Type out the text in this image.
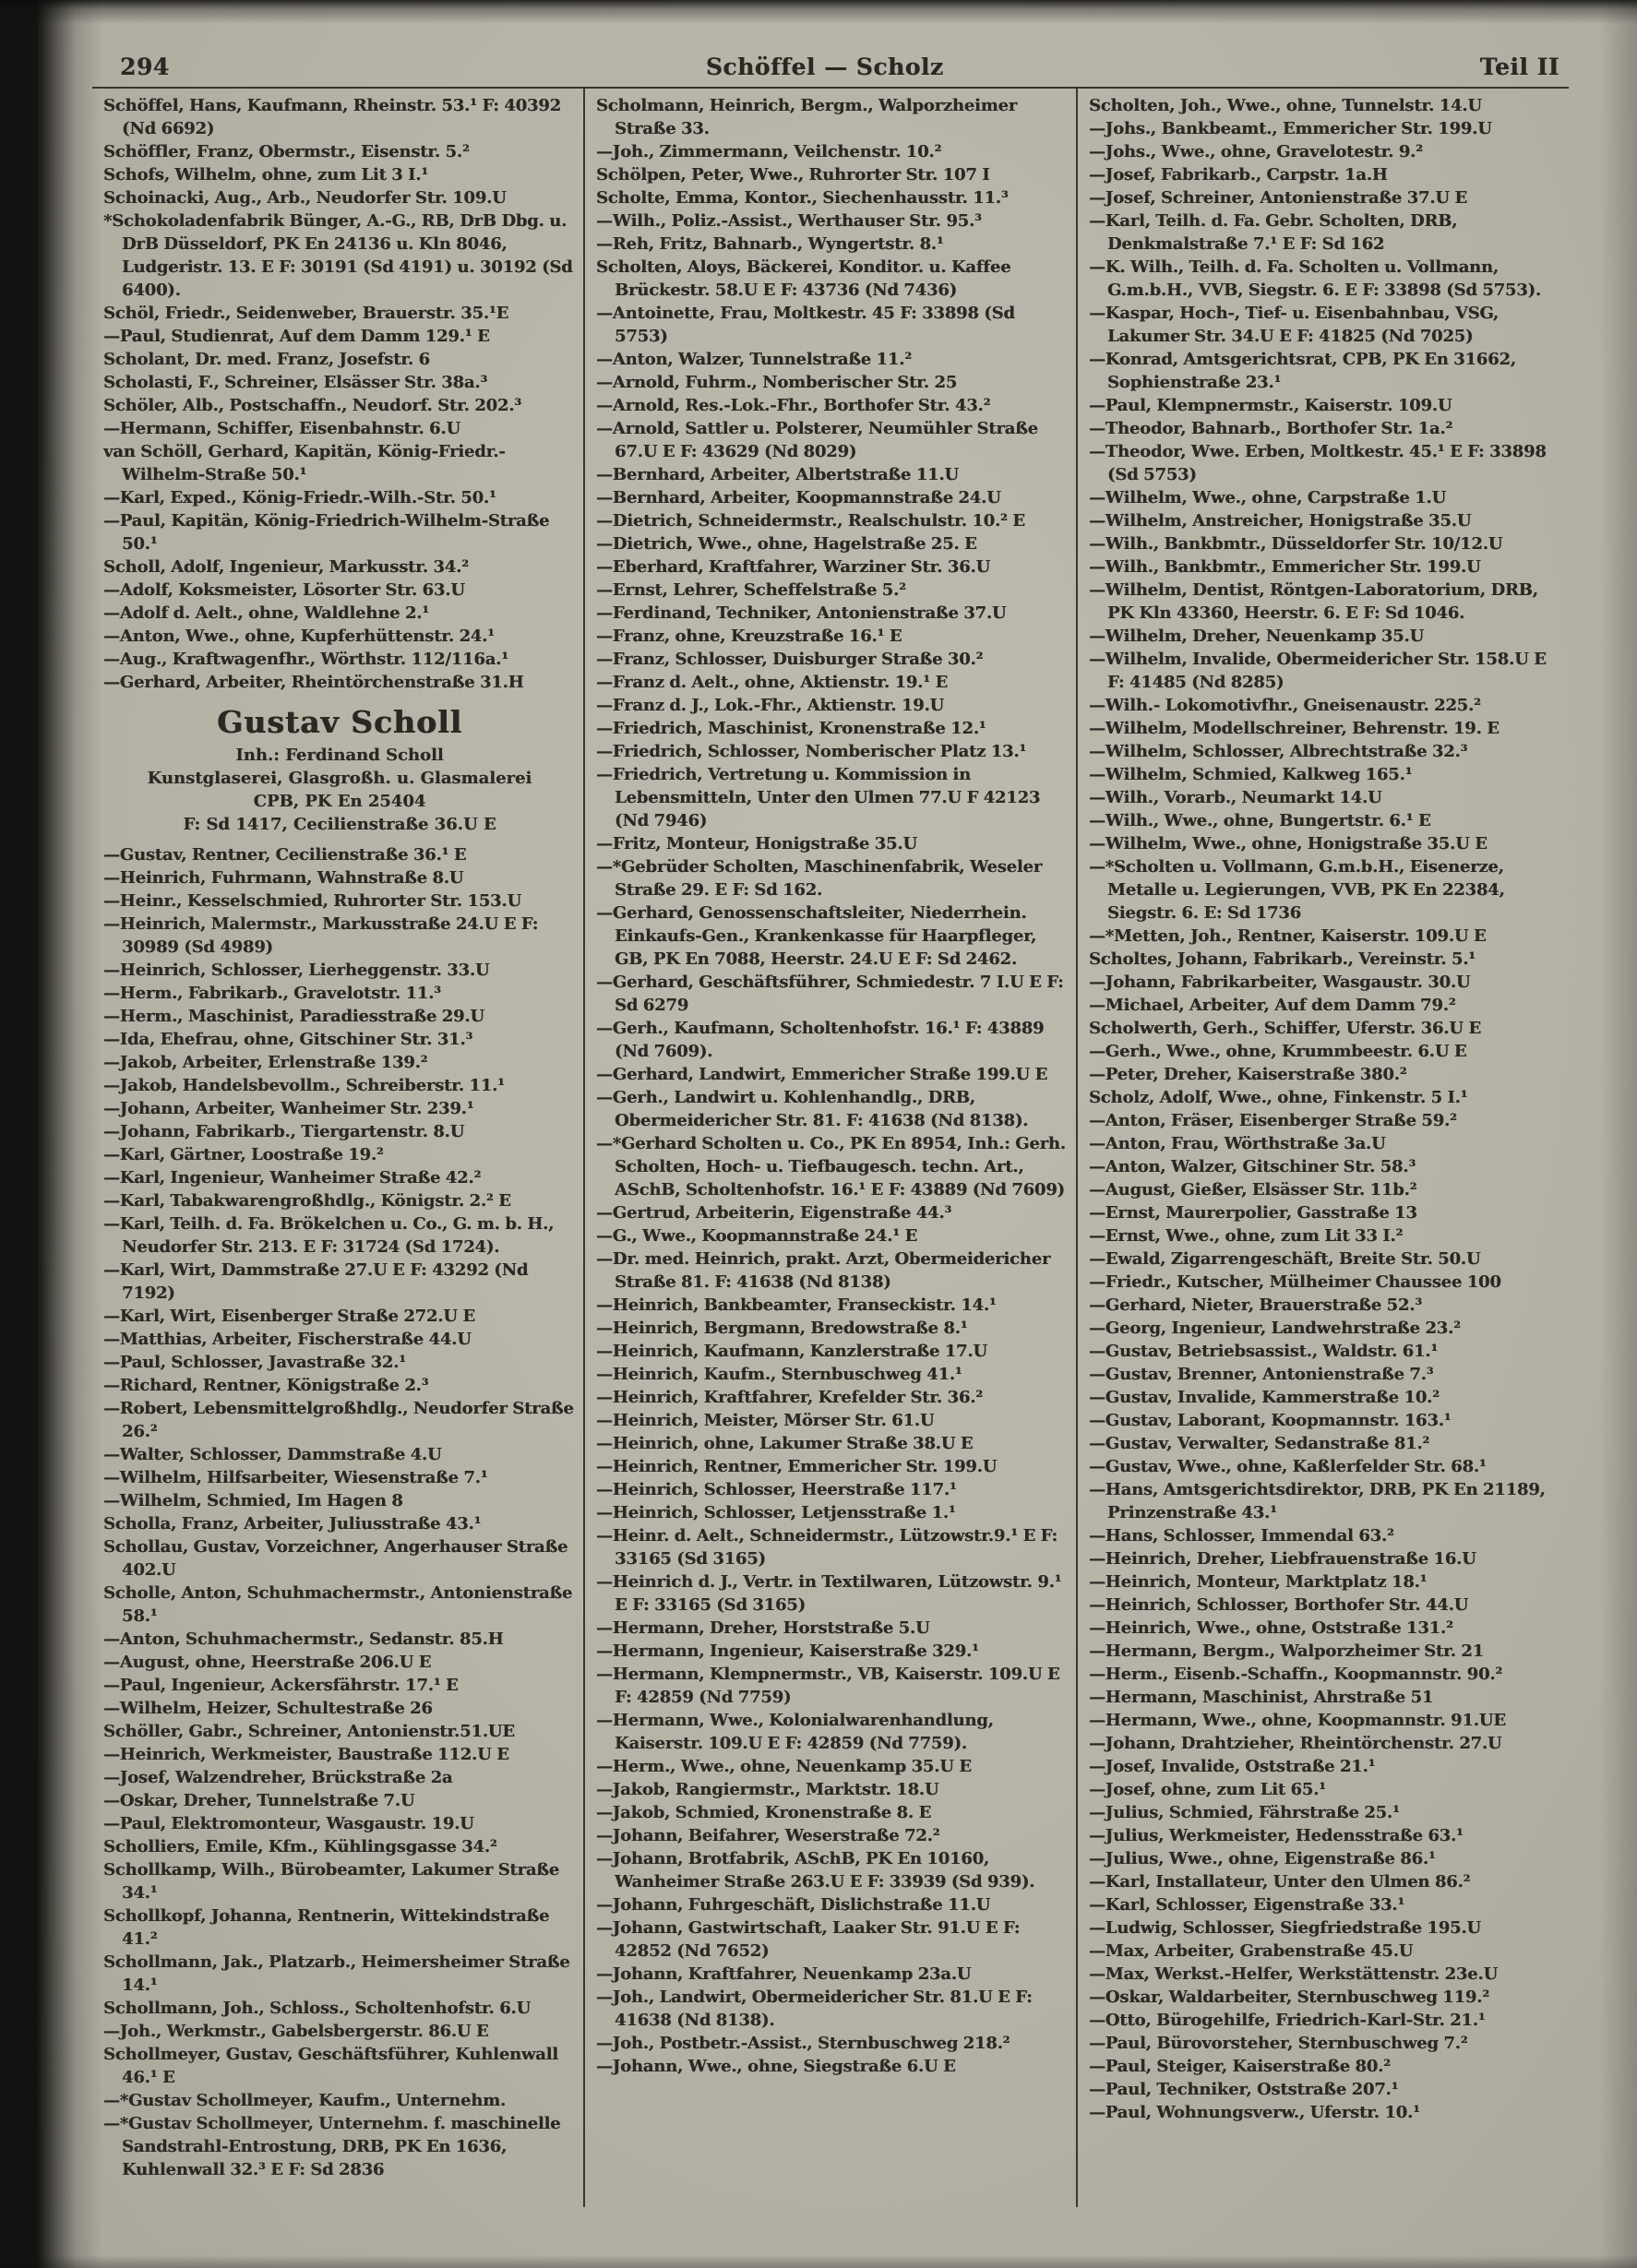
294	Schöffel — Scholz	Teil II

Schöffel, Hans, Kaufmann, Rheinstr. 53.¹ F: 40392 (Nd 6692)

Schöffler, Franz, Obermstr., Eisenstr. 5.²

Schofs, Wilhelm, ohne, zum Lit 3 I.¹

Schoinacki, Aug., Arb., Neudorfer Str. 109.U

*Schokoladenfabrik Bünger, A.-G., RB, DrB Dbg. u. DrB Düsseldorf, PK En 24136 u. Kln 8046, Ludgeristr. 13. E F: 30191 (Sd 4191) u. 30192 (Sd 6400).

Schöl, Friedr., Seidenweber, Brauerstr. 35.¹E

—Paul, Studienrat, Auf dem Damm 129.¹ E

Scholant, Dr. med. Franz, Josefstr. 6

Scholasti, F., Schreiner, Elsässer Str. 38a.³

Schöler, Alb., Postschaffn., Neudorf. Str. 202.³

—Hermann, Schiffer, Eisenbahnstr. 6.U

van Schöll, Gerhard, Kapitän, König-Friedr.-Wilhelm-Straße 50.¹

—Karl, Exped., König-Friedr.-Wilh.-Str. 50.¹

—Paul, Kapitän, König-Friedrich-Wilhelm-Straße 50.¹

Scholl, Adolf, Ingenieur, Markusstr. 34.²

—Adolf, Koksmeister, Lösorter Str. 63.U

—Adolf d. Aelt., ohne, Waldlehne 2.¹

—Anton, Wwe., ohne, Kupferhüttenstr. 24.¹

—Aug., Kraftwagenfhr., Wörthstr. 112/116a.¹

—Gerhard, Arbeiter, Rheintörchenstraße 31.H

Gustav Scholl
Inh.: Ferdinand Scholl
Kunstglaserei, Glasgroßh. u. Glasmalerei
CPB, PK En 25404
F: Sd 1417, Cecilienstraße 36.U E

—Gustav, Rentner, Cecilienstraße 36.¹ E

—Heinrich, Fuhrmann, Wahnstraße 8.U

—Heinr., Kesselschmied, Ruhrorter Str. 153.U

—Heinrich, Malermstr., Markusstraße 24.U E F: 30989 (Sd 4989)

—Heinrich, Schlosser, Lierheggenstr. 33.U

—Herm., Fabrikarb., Gravelotstr. 11.³

—Herm., Maschinist, Paradiesstraße 29.U

—Ida, Ehefrau, ohne, Gitschiner Str. 31.³

—Jakob, Arbeiter, Erlenstraße 139.²

—Jakob, Handelsbevollm., Schreiberstr. 11.¹

—Johann, Arbeiter, Wanheimer Str. 239.¹

—Johann, Fabrikarb., Tiergartenstr. 8.U

—Karl, Gärtner, Loostraße 19.²

—Karl, Ingenieur, Wanheimer Straße 42.²

—Karl, Tabakwarengroßhdlg., Königstr. 2.² E

—Karl, Teilh. d. Fa. Brökelchen u. Co., G. m. b. H., Neudorfer Str. 213. E F: 31724 (Sd 1724).

—Karl, Wirt, Dammstraße 27.U E F: 43292 (Nd 7192)

—Karl, Wirt, Eisenberger Straße 272.U E

—Matthias, Arbeiter, Fischerstraße 44.U

—Paul, Schlosser, Javastraße 32.¹

—Richard, Rentner, Königstraße 2.³

—Robert, Lebensmittelgroßhdlg., Neudorfer Straße 26.²

—Walter, Schlosser, Dammstraße 4.U

—Wilhelm, Hilfsarbeiter, Wiesenstraße 7.¹

—Wilhelm, Schmied, Im Hagen 8

Scholla, Franz, Arbeiter, Juliusstraße 43.¹

Schollau, Gustav, Vorzeichner, Angerhauser Straße 402.U

Scholle, Anton, Schuhmachermstr., Antonienstraße 58.¹

—Anton, Schuhmachermstr., Sedanstr. 85.H

—August, ohne, Heerstraße 206.U E

—Paul, Ingenieur, Ackersfährstr. 17.¹ E

—Wilhelm, Heizer, Schultestraße 26

Schöller, Gabr., Schreiner, Antonienstr.51.UE

—Heinrich, Werkmeister, Baustraße 112.U E

—Josef, Walzendreher, Brückstraße 2a

—Oskar, Dreher, Tunnelstraße 7.U

—Paul, Elektromonteur, Wasgaustr. 19.U

Scholliers, Emile, Kfm., Kühlingsgasse 34.²

Schollkamp, Wilh., Bürobeamter, Lakumer Straße 34.¹

Schollkopf, Johanna, Rentnerin, Wittekindstraße 41.²

Schollmann, Jak., Platzarb., Heimersheimer Straße 14.¹

Schollmann, Joh., Schloss., Scholtenhofstr. 6.U

—Joh., Werkmstr., Gabelsbergerstr. 86.U E

Schollmeyer, Gustav, Geschäftsführer, Kuhlenwall 46.¹ E

—*Gustav Schollmeyer, Kaufm., Unternehm.

—*Gustav Schollmeyer, Unternehm. f. maschinelle Sandstrahl-Entrostung, DRB, PK En 1636, Kuhlenwall 32.³ E F: Sd 2836

Scholmann, Heinrich, Bergm., Walporzheimer Straße 33.

—Joh., Zimmermann, Veilchenstr. 10.²

Schölpen, Peter, Wwe., Ruhrorter Str. 107 I

Scholte, Emma, Kontor., Siechenhausstr. 11.³

—Wilh., Poliz.-Assist., Werthauser Str. 95.³

—Reh, Fritz, Bahnarb., Wyngertstr. 8.¹

Scholten, Aloys, Bäckerei, Konditor. u. Kaffee Brückestr. 58.U E F: 43736 (Nd 7436)

—Antoinette, Frau, Moltkestr. 45 F: 33898 (Sd 5753)

—Anton, Walzer, Tunnelstraße 11.²

—Arnold, Fuhrm., Nomberischer Str. 25

—Arnold, Res.-Lok.-Fhr., Borthofer Str. 43.²

—Arnold, Sattler u. Polsterer, Neumühler Straße 67.U E F: 43629 (Nd 8029)

—Bernhard, Arbeiter, Albertstraße 11.U

—Bernhard, Arbeiter, Koopmannstraße 24.U

—Dietrich, Schneidermstr., Realschulstr. 10.² E

—Dietrich, Wwe., ohne, Hagelstraße 25. E

—Eberhard, Kraftfahrer, Warziner Str. 36.U

—Ernst, Lehrer, Scheffelstraße 5.²

—Ferdinand, Techniker, Antonienstraße 37.U

—Franz, ohne, Kreuzstraße 16.¹ E

—Franz, Schlosser, Duisburger Straße 30.²

—Franz d. Aelt., ohne, Aktienstr. 19.¹ E

—Franz d. J., Lok.-Fhr., Aktienstr. 19.U

—Friedrich, Maschinist, Kronenstraße 12.¹

—Friedrich, Schlosser, Nomberischer Platz 13.¹

—Friedrich, Vertretung u. Kommission in Lebensmitteln, Unter den Ulmen 77.U F 42123 (Nd 7946)

—Fritz, Monteur, Honigstraße 35.U

—*Gebrüder Scholten, Maschinenfabrik, Weseler Straße 29. E F: Sd 162.

—Gerhard, Genossenschaftsleiter, Niederrhein. Einkaufs-Gen., Krankenkasse für Haarpfleger, GB, PK En 7088, Heerstr. 24.U E F: Sd 2462.

—Gerhard, Geschäftsführer, Schmiedestr. 7 I.U E F: Sd 6279

—Gerh., Kaufmann, Scholtenhofstr. 16.¹ F: 43889 (Nd 7609).

—Gerhard, Landwirt, Emmericher Straße 199.U E

—Gerh., Landwirt u. Kohlenhandlg., DRB, Obermeidericher Str. 81. F: 41638 (Nd 8138).

—*Gerhard Scholten u. Co., PK En 8954, Inh.: Gerh. Scholten, Hoch- u. Tiefbaugesch. techn. Art., ASchB, Scholtenhofstr. 16.¹ E F: 43889 (Nd 7609)

—Gertrud, Arbeiterin, Eigenstraße 44.³

—G., Wwe., Koopmannstraße 24.¹ E

—Dr. med. Heinrich, prakt. Arzt, Obermeidericher Straße 81. F: 41638 (Nd 8138)

—Heinrich, Bankbeamter, Franseckistr. 14.¹

—Heinrich, Bergmann, Bredowstraße 8.¹

—Heinrich, Kaufmann, Kanzlerstraße 17.U

—Heinrich, Kaufm., Sternbuschweg 41.¹

—Heinrich, Kraftfahrer, Krefelder Str. 36.²

—Heinrich, Meister, Mörser Str. 61.U

—Heinrich, ohne, Lakumer Straße 38.U E

—Heinrich, Rentner, Emmericher Str. 199.U

—Heinrich, Schlosser, Heerstraße 117.¹

—Heinrich, Schlosser, Letjensstraße 1.¹

—Heinr. d. Aelt., Schneidermstr., Lützowstr.9.¹ E F: 33165 (Sd 3165)

—Heinrich d. J., Vertr. in Textilwaren, Lützowstr. 9.¹ E F: 33165 (Sd 3165)

—Hermann, Dreher, Horststraße 5.U

—Hermann, Ingenieur, Kaiserstraße 329.¹

—Hermann, Klempnermstr., VB, Kaiserstr. 109.U E F: 42859 (Nd 7759)

—Hermann, Wwe., Kolonialwarenhandlung, Kaiserstr. 109.U E F: 42859 (Nd 7759).

—Herm., Wwe., ohne, Neuenkamp 35.U E

—Jakob, Rangiermstr., Marktstr. 18.U

—Jakob, Schmied, Kronenstraße 8. E

—Johann, Beifahrer, Weserstraße 72.²

—Johann, Brotfabrik, ASchB, PK En 10160, Wanheimer Straße 263.U E F: 33939 (Sd 939).

—Johann, Fuhrgeschäft, Dislichstraße 11.U

—Johann, Gastwirtschaft, Laaker Str. 91.U E F: 42852 (Nd 7652)

—Johann, Kraftfahrer, Neuenkamp 23a.U

—Joh., Landwirt, Obermeidericher Str. 81.U E F: 41638 (Nd 8138).

—Joh., Postbetr.-Assist., Sternbuschweg 218.²

—Johann, Wwe., ohne, Siegstraße 6.U E

Scholten, Joh., Wwe., ohne, Tunnelstr. 14.U

—Johs., Bankbeamt., Emmericher Str. 199.U

—Johs., Wwe., ohne, Gravelotestr. 9.²

—Josef, Fabrikarb., Carpstr. 1a.H

—Josef, Schreiner, Antonienstraße 37.U E

—Karl, Teilh. d. Fa. Gebr. Scholten, DRB, Denkmalstraße 7.¹ E F: Sd 162

—K. Wilh., Teilh. d. Fa. Scholten u. Vollmann, G.m.b.H., VVB, Siegstr. 6. E F: 33898 (Sd 5753).

—Kaspar, Hoch-, Tief- u. Eisenbahnbau, VSG, Lakumer Str. 34.U E F: 41825 (Nd 7025)

—Konrad, Amtsgerichtsrat, CPB, PK En 31662, Sophienstraße 23.¹

—Paul, Klempnermstr., Kaiserstr. 109.U

—Theodor, Bahnarb., Borthofer Str. 1a.²

—Theodor, Wwe. Erben, Moltkestr. 45.¹ E F: 33898 (Sd 5753)

—Wilhelm, Wwe., ohne, Carpstraße 1.U

—Wilhelm, Anstreicher, Honigstraße 35.U

—Wilh., Bankbmtr., Düsseldorfer Str. 10/12.U

—Wilh., Bankbmtr., Emmericher Str. 199.U

—Wilhelm, Dentist, Röntgen-Laboratorium, DRB, PK Kln 43360, Heerstr. 6. E F: Sd 1046.

—Wilhelm, Dreher, Neuenkamp 35.U

—Wilhelm, Invalide, Obermeidericher Str. 158.U E F: 41485 (Nd 8285)

—Wilh.- Lokomotivfhr., Gneisenaustr. 225.²

—Wilhelm, Modellschreiner, Behrenstr. 19. E

—Wilhelm, Schlosser, Albrechtstraße 32.³

—Wilhelm, Schmied, Kalkweg 165.¹

—Wilh., Vorarb., Neumarkt 14.U

—Wilh., Wwe., ohne, Bungertstr. 6.¹ E

—Wilhelm, Wwe., ohne, Honigstraße 35.U E

—*Scholten u. Vollmann, G.m.b.H., Eisenerze, Metalle u. Legierungen, VVB, PK En 22384, Siegstr. 6. E: Sd 1736

—*Metten, Joh., Rentner, Kaiserstr. 109.U E

Scholtes, Johann, Fabrikarb., Vereinstr. 5.¹

—Johann, Fabrikarbeiter, Wasgaustr. 30.U

—Michael, Arbeiter, Auf dem Damm 79.²

Scholwerth, Gerh., Schiffer, Uferstr. 36.U E

—Gerh., Wwe., ohne, Krummbeestr. 6.U E

—Peter, Dreher, Kaiserstraße 380.²

Scholz, Adolf, Wwe., ohne, Finkenstr. 5 I.¹

—Anton, Fräser, Eisenberger Straße 59.²

—Anton, Frau, Wörthstraße 3a.U

—Anton, Walzer, Gitschiner Str. 58.³

—August, Gießer, Elsässer Str. 11b.²

—Ernst, Maurerpolier, Gasstraße 13

—Ernst, Wwe., ohne, zum Lit 33 I.²

—Ewald, Zigarrengeschäft, Breite Str. 50.U

—Friedr., Kutscher, Mülheimer Chaussee 100

—Gerhard, Nieter, Brauerstraße 52.³

—Georg, Ingenieur, Landwehrstraße 23.²

—Gustav, Betriebsassist., Waldstr. 61.¹

—Gustav, Brenner, Antonienstraße 7.³

—Gustav, Invalide, Kammerstraße 10.²

—Gustav, Laborant, Koopmannstr. 163.¹

—Gustav, Verwalter, Sedanstraße 81.²

—Gustav, Wwe., ohne, Kaßlerfelder Str. 68.¹

—Hans, Amtsgerichtsdirektor, DRB, PK En 21189, Prinzenstraße 43.¹

—Hans, Schlosser, Immendal 63.²

—Heinrich, Dreher, Liebfrauenstraße 16.U

—Heinrich, Monteur, Marktplatz 18.¹

—Heinrich, Schlosser, Borthofer Str. 44.U

—Heinrich, Wwe., ohne, Oststraße 131.²

—Hermann, Bergm., Walporzheimer Str. 21

—Herm., Eisenb.-Schaffn., Koopmannstr. 90.²

—Hermann, Maschinist, Ahrstraße 51

—Hermann, Wwe., ohne, Koopmannstr. 91.UE

—Johann, Drahtzieher, Rheintörchenstr. 27.U

—Josef, Invalide, Oststraße 21.¹

—Josef, ohne, zum Lit 65.¹

—Julius, Schmied, Fährstraße 25.¹

—Julius, Werkmeister, Hedensstraße 63.¹

—Julius, Wwe., ohne, Eigenstraße 86.¹

—Karl, Installateur, Unter den Ulmen 86.²

—Karl, Schlosser, Eigenstraße 33.¹

—Ludwig, Schlosser, Siegfriedstraße 195.U

—Max, Arbeiter, Grabenstraße 45.U

—Max, Werkst.-Helfer, Werkstättenstr. 23e.U

—Oskar, Waldarbeiter, Sternbuschweg 119.²

—Otto, Bürogehilfe, Friedrich-Karl-Str. 21.¹

—Paul, Bürovorsteher, Sternbuschweg 7.²

—Paul, Steiger, Kaiserstraße 80.²

—Paul, Techniker, Oststraße 207.¹

—Paul, Wohnungsverw., Uferstr. 10.¹
